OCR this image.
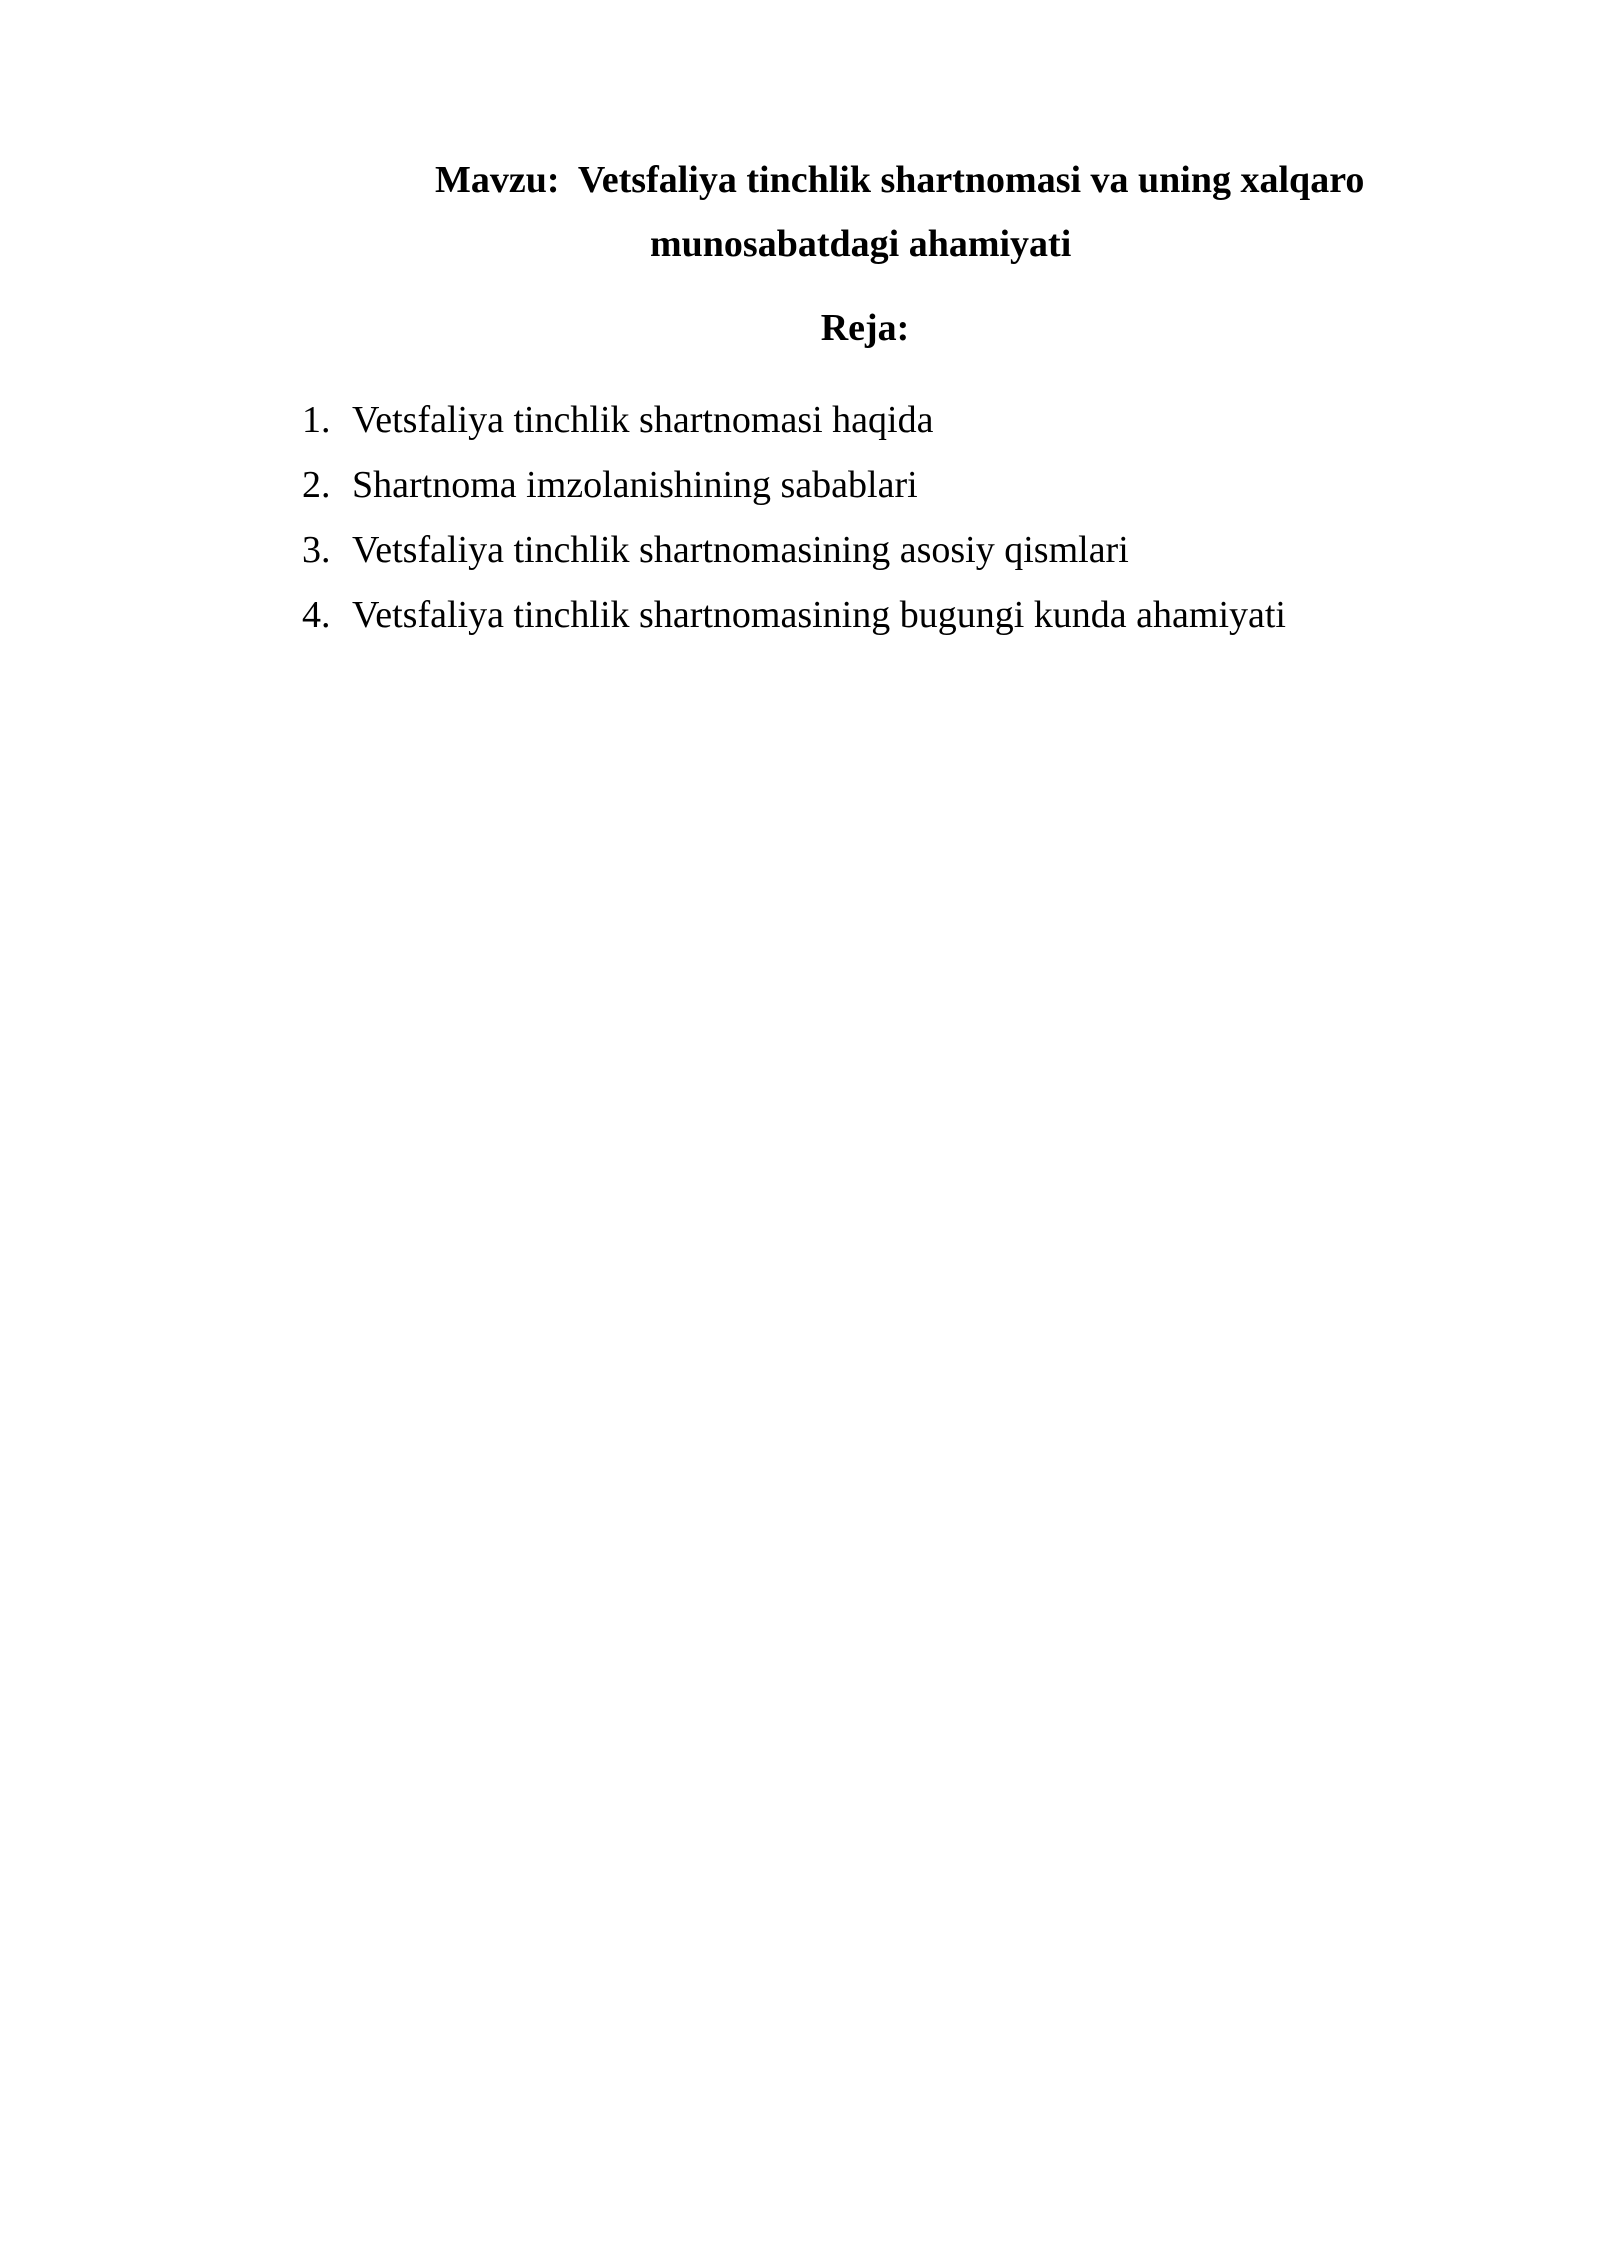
Mavzu:  Vetsfaliya tinchlik shartnomasi va uning xalqaro
munosabatdagi ahamiyati
Reja:
1. Vetsfaliya tinchlik shartnomasi haqida
2. Shartnoma imzolanishining sabablari
3. Vetsfaliya tinchlik shartnomasining asosiy qismlari
4. Vetsfaliya tinchlik shartnomasining bugungi kunda ahamiyati
